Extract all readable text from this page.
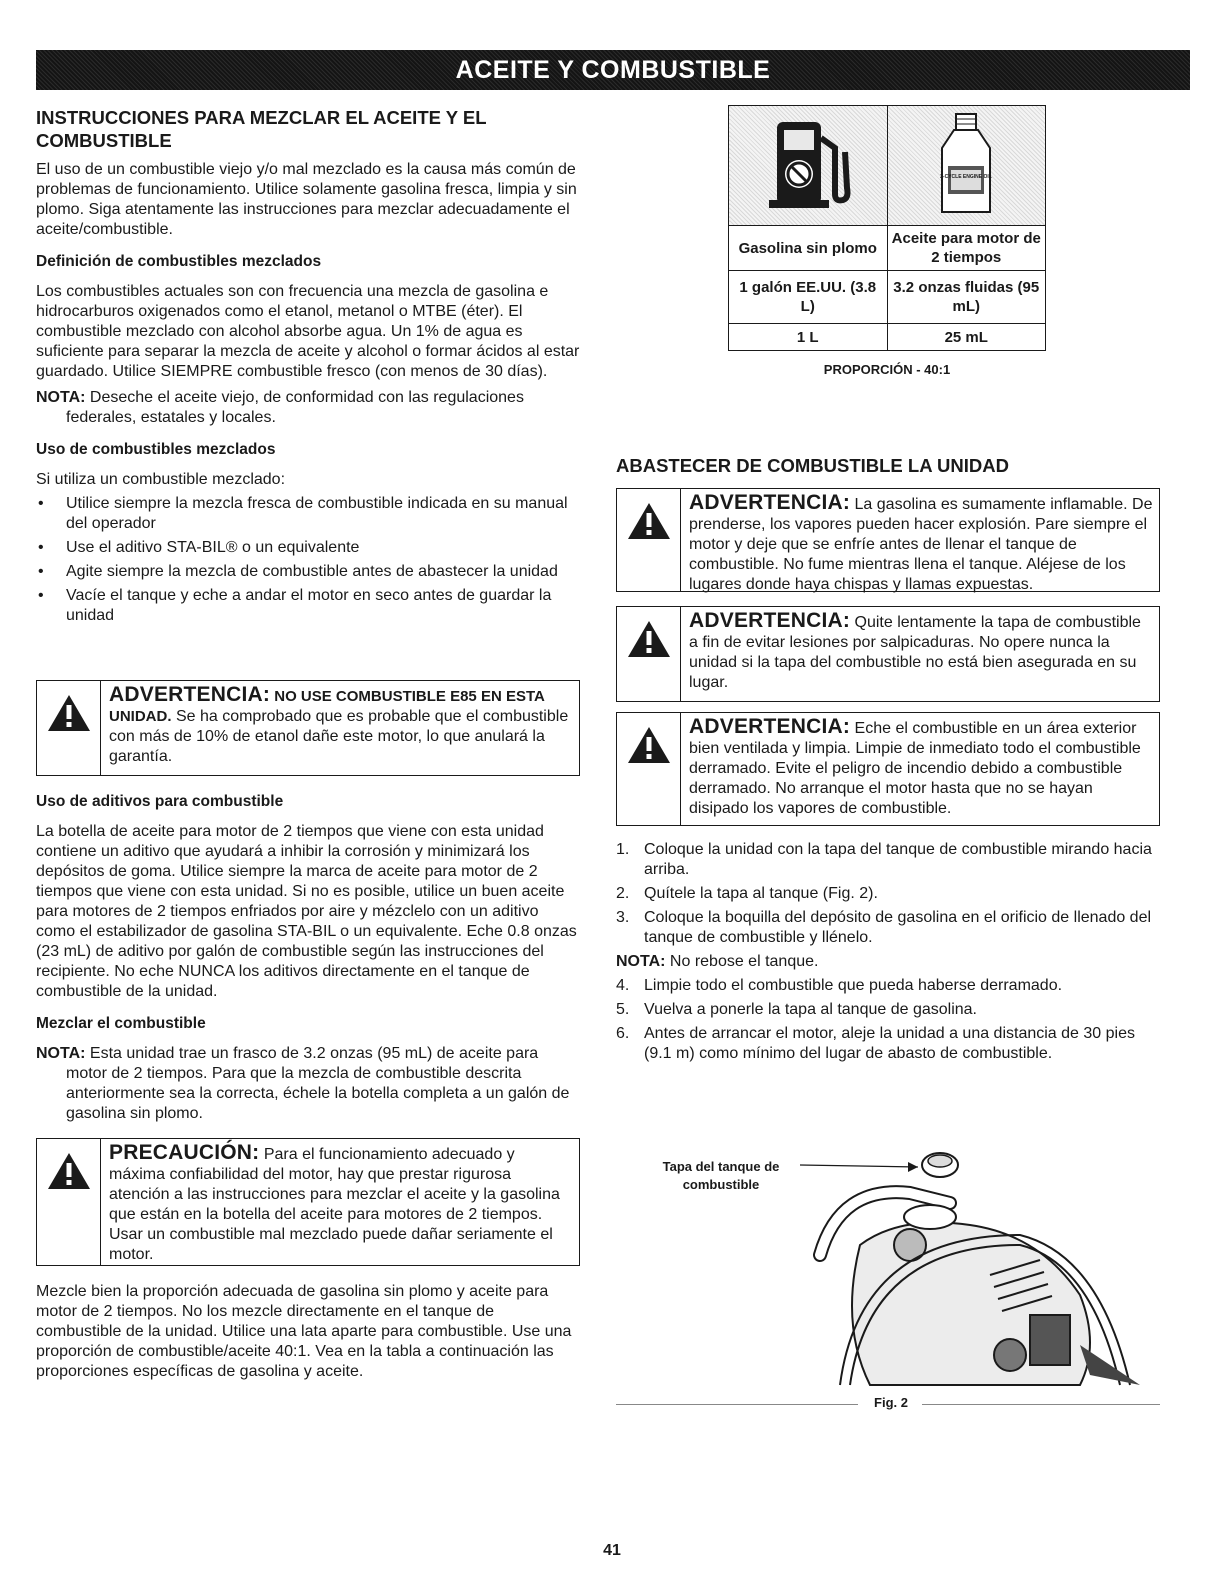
ACEITE Y COMBUSTIBLE
INSTRUCCIONES PARA MEZCLAR EL ACEITE Y EL COMBUSTIBLE

El uso de un combustible viejo y/o mal mezclado es la causa más común de problemas de funcionamiento. Utilice solamente gasolina fresca, limpia y sin plomo. Siga atentamente las instrucciones para mezclar adecuadamente el aceite/combustible.

Definición de combustibles mezclados

Los combustibles actuales son con frecuencia una mezcla de gasolina e hidrocarburos oxigenados como el etanol, metanol o MTBE (éter). El combustible mezclado con alcohol absorbe agua. Un 1% de agua es suficiente para separar la mezcla de aceite y alcohol o formar ácidos al estar guardado. Utilice SIEMPRE combustible fresco (con menos de 30 días).

NOTA: Deseche el aceite viejo, de conformidad con las regulaciones federales, estatales y locales.

Uso de combustibles mezclados

Si utiliza un combustible mezclado:

• Utilice siempre la mezcla fresca de combustible indicada en su manual del operador
• Use el aditivo STA-BIL® o un equivalente
• Agite siempre la mezcla de combustible antes de abastecer la unidad
• Vacíe el tanque y eche a andar el motor en seco antes de guardar la unidad
ADVERTENCIA: NO USE COMBUSTIBLE E85 EN ESTA UNIDAD. Se ha comprobado que es probable que el combustible con más de 10% de etanol dañe este motor, lo que anulará la garantía.
Uso de aditivos para combustible

La botella de aceite para motor de 2 tiempos que viene con esta unidad contiene un aditivo que ayudará a inhibir la corrosión y minimizará los depósitos de goma. Utilice siempre la marca de aceite para motor de 2 tiempos que viene con esta unidad. Si no es posible, utilice un buen aceite para motores de 2 tiempos enfriados por aire y mézclelo con un aditivo como el estabilizador de gasolina STA-BIL o un equivalente. Eche 0.8 onzas (23 mL) de aditivo por galón de combustible según las instrucciones del recipiente. No eche NUNCA los aditivos directamente en el tanque de combustible de la unidad.

Mezclar el combustible

NOTA: Esta unidad trae un frasco de 3.2 onzas (95 mL) de aceite para motor de 2 tiempos. Para que la mezcla de combustible descrita anteriormente sea la correcta, échele la botella completa a un galón de gasolina sin plomo.

PRECAUCIÓN: Para el funcionamiento adecuado y máxima confiabilidad del motor, hay que prestar rigurosa atención a las instrucciones para mezclar el aceite y la gasolina que están en la botella del aceite para motores de 2 tiempos. Usar un combustible mal mezclado puede dañar seriamente el motor.

Mezcle bien la proporción adecuada de gasolina sin plomo y aceite para motor de 2 tiempos. No los mezcle directamente en el tanque de combustible de la unidad. Utilice una lata aparte para combustible. Use una proporción de combustible/aceite 40:1. Vea en la tabla a continuación las proporciones específicas de gasolina y aceite.

2-CYCLE ENGINE OIL

Gasolina sin plomo	Aceite para motor de 2 tiempos
1 galón EE.UU. (3.8 L)	3.2 onzas fluidas (95 mL)
1 L	25 mL
PROPORCIÓN - 40:1
ABASTECER DE COMBUSTIBLE LA UNIDAD
ADVERTENCIA: La gasolina es sumamente inflamable. De prenderse, los vapores pueden hacer explosión. Pare siempre el motor y deje que se enfríe antes de llenar el tanque de combustible. No fume mientras llena el tanque. Aléjese de los lugares donde haya chispas y llamas expuestas.
ADVERTENCIA: Quite lentamente la tapa de combustible a fin de evitar lesiones por salpicaduras. No opere nunca la unidad si la tapa del combustible no está bien asegurada en su lugar.
ADVERTENCIA: Eche el combustible en un área exterior bien ventilada y limpia. Limpie de inmediato todo el combustible derramado. Evite el peligro de incendio debido a combustible derramado. No arranque el motor hasta que no se hayan disipado los vapores de combustible.
1. Coloque la unidad con la tapa del tanque de combustible mirando hacia arriba.
2. Quítele la tapa al tanque (Fig. 2).
3. Coloque la boquilla del depósito de gasolina en el orificio de llenado del tanque de combustible y llénelo.

NOTA: No rebose el tanque.

4. Limpie todo el combustible que pueda haberse derramado.
5. Vuelva a ponerle la tapa al tanque de gasolina.
6. Antes de arrancar el motor, aleje la unidad a una distancia de 30 pies (9.1 m) como mínimo del lugar de abasto de combustible.
Tapa del tanque de combustible
Fig. 2
41
